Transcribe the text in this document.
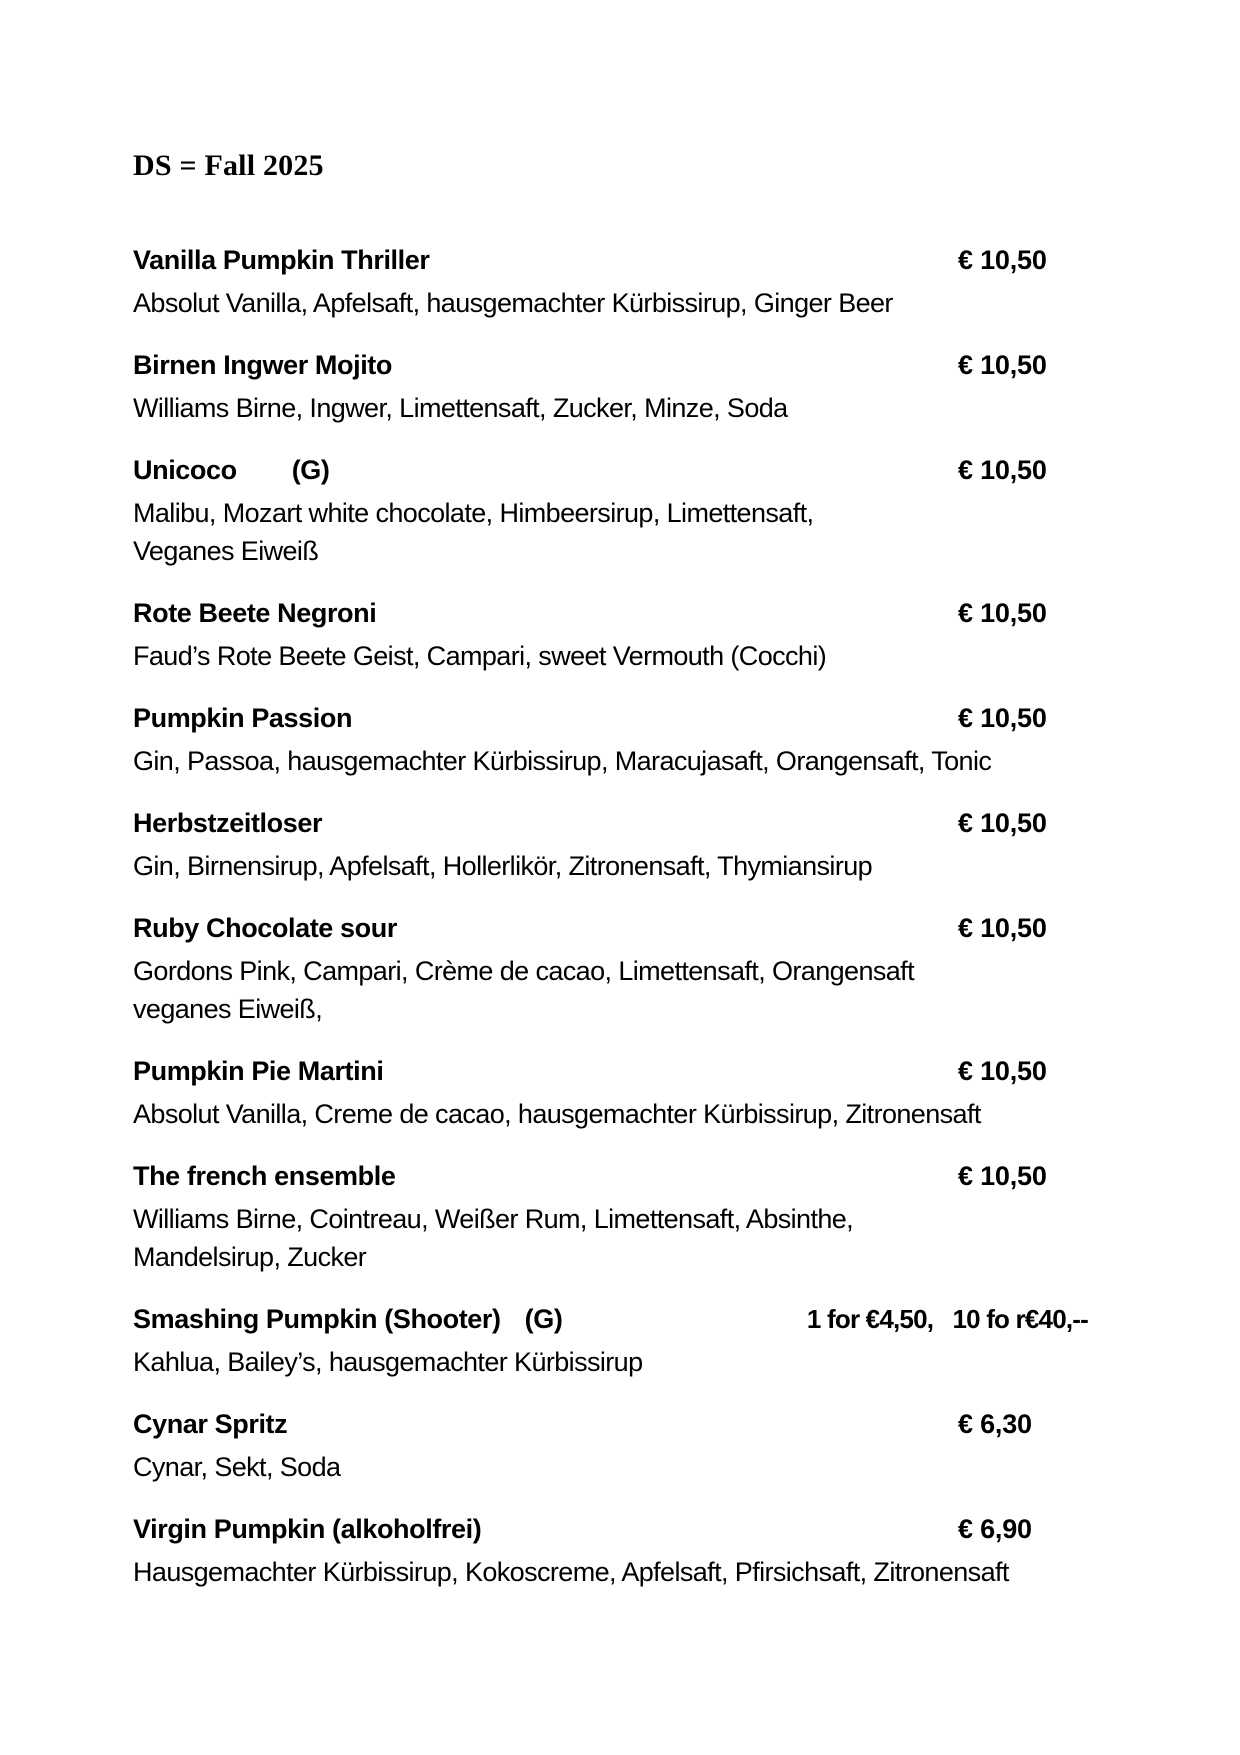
DS = Fall 2025
Vanilla Pumpkin Thriller	€ 10,50
Absolut Vanilla, Apfelsaft, hausgemachter Kürbissirup, Ginger Beer
Birnen Ingwer Mojito	€ 10,50
Williams Birne, Ingwer, Limettensaft, Zucker, Minze, Soda
Unicoco (G)	€ 10,50
Malibu, Mozart white chocolate, Himbeersirup, Limettensaft,
Veganes Eiweiß
Rote Beete Negroni	€ 10,50
Faud’s Rote Beete Geist, Campari, sweet Vermouth (Cocchi)
Pumpkin Passion	€ 10,50
Gin, Passoa, hausgemachter Kürbissirup, Maracujasaft, Orangensaft, Tonic
Herbstzeitloser	€ 10,50
Gin, Birnensirup, Apfelsaft, Hollerlikör, Zitronensaft, Thymiansirup
Ruby Chocolate sour	€ 10,50
Gordons Pink, Campari, Crème de cacao, Limettensaft, Orangensaft
veganes Eiweiß,
Pumpkin Pie Martini	€ 10,50
Absolut Vanilla, Creme de cacao, hausgemachter Kürbissirup, Zitronensaft
The french ensemble	€ 10,50
Williams Birne, Cointreau, Weißer Rum, Limettensaft, Absinthe,
Mandelsirup, Zucker
Smashing Pumpkin (Shooter) (G)	1 for €4,50,   10 fo r€40,--
Kahlua, Bailey’s, hausgemachter Kürbissirup
Cynar Spritz	€ 6,30
Cynar, Sekt, Soda
Virgin Pumpkin (alkoholfrei)	€ 6,90
Hausgemachter Kürbissirup, Kokoscreme, Apfelsaft, Pfirsichsaft, Zitronensaft
